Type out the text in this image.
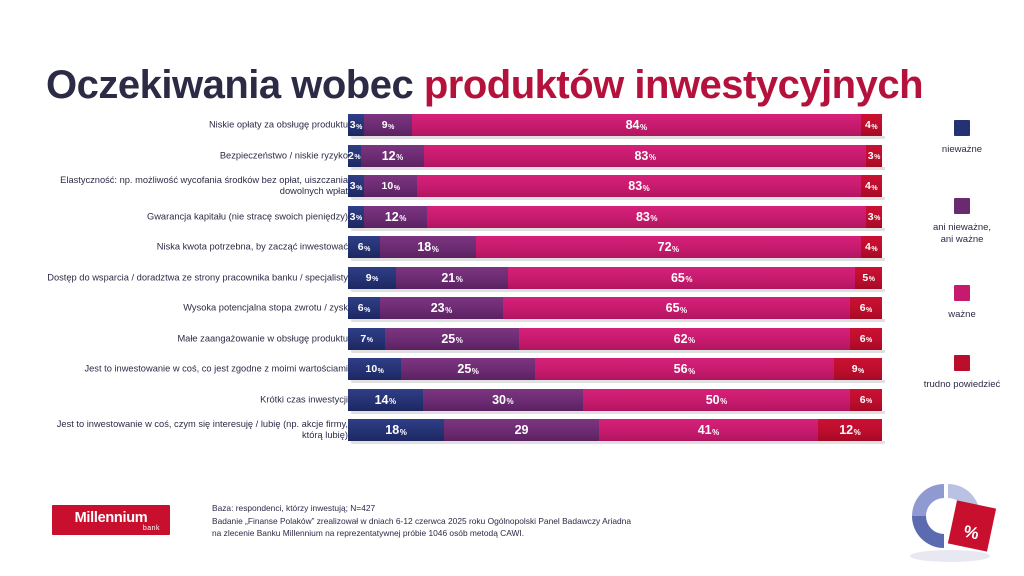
Oczekiwania wobec produktów inwestycyjnych
Niskie opłaty za obsługę produktu 3 % 9 %	84 %	4 %
Bezpieczeństwo / niskie ryzyko 2 % 12 %	83 %	3 %
Elastyczność: np. możliwość wycofania środków bez opłat, uiszczania dowolnych wpłat 3 % 10 %	83 %	4 %
Gwarancja kapitału (nie stracę swoich pieniędzy) 3 % 12 %	83 %	3 %
Niska kwota potrzebna, by zacząć inwestować 6 %	18 %	72 %	4 %
Dostęp do wsparcia / doradztwa ze strony pracownika banku / specjalisty 9 %	21 %	65 %	5 %
Wysoka potencjalna stopa zwrotu / zysk 6 %	23 %	65 %	6 %
Małe zaangażowanie w obsługę produktu 7 %	25 %	62 %	6 %
Jest to inwestowanie w coś, co jest zgodne z moimi wartościami 10 %	25 %	56 %	9 %
Krótki czas inwestycji 14 %	30 %	50 %	6 %
Jest to inwestowanie w coś, czym się interesuję / lubię (np. akcje firmy, którą lubię)	18 %	29	41 %	12 %
nieważne
ani nieważne,
ani ważne
ważne
trudno powiedzieć
Millennium
bank
Baza: respondenci, którzy inwestują; N=427
Badanie „Finanse Polaków” zrealizował w dniach 6-12 czerwca 2025 roku Ogólnopolski Panel Badawczy Ariadna
na zlecenie Banku Millennium na reprezentatywnej próbie 1046 osób metodą CAWI.	%
